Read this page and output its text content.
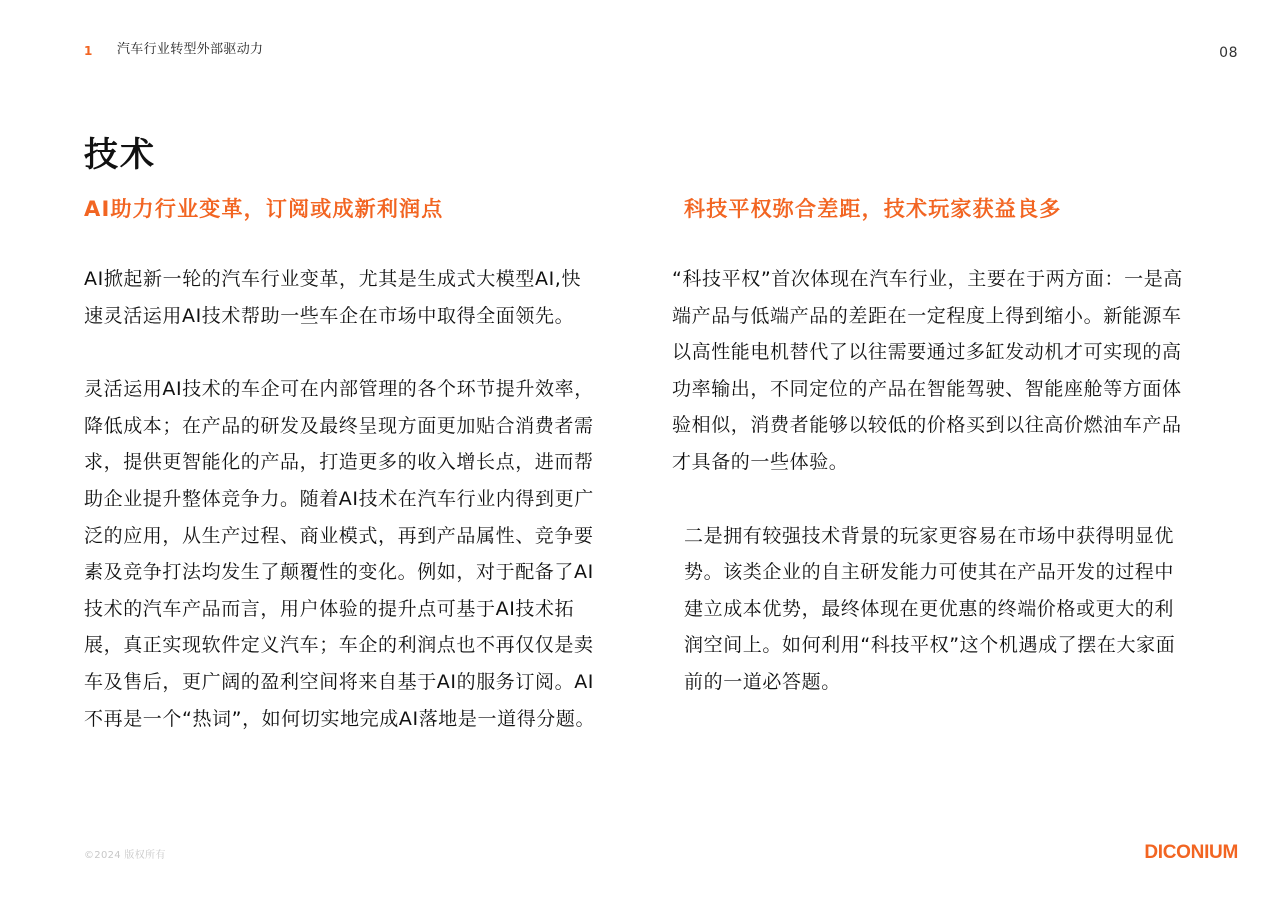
1 汽车行业转型外部驱动力	08
技术
AI助力行业变革，订阅或成新利润点

AI掀起新一轮的汽车行业变革，尤其是生成式大模型AI,快速灵活运用AI技术帮助一些车企在市场中取得全面领先。

灵活运用AI技术的车企可在内部管理的各个环节提升效率，降低成本；在产品的研发及最终呈现方面更加贴合消费者需求，提供更智能化的产品，打造更多的收入增长点，进而帮助企业提升整体竞争力。随着AI技术在汽车行业内得到更广泛的应用，从生产过程、商业模式，再到产品属性、竞争要素及竞争打法均发生了颠覆性的变化。例如，对于配备了AI技术的汽车产品而言，用户体验的提升点可基于AI技术拓展，真正实现软件定义汽车；车企的利润点也不再仅仅是卖车及售后，更广阔的盈利空间将来自基于AI的服务订阅。AI不再是一个“热词”，如何切实地完成AI落地是一道得分题。

科技平权弥合差距，技术玩家获益良多

“科技平权”首次体现在汽车行业，主要在于两方面：一是高端产品与低端产品的差距在一定程度上得到缩小。新能源车以高性能电机替代了以往需要通过多缸发动机才可实现的高功率输出，不同定位的产品在智能驾驶、智能座舱等方面体验相似，消费者能够以较低的价格买到以往高价燃油车产品才具备的一些体验。

二是拥有较强技术背景的玩家更容易在市场中获得明显优势。该类企业的自主研发能力可使其在产品开发的过程中建立成本优势，最终体现在更优惠的终端价格或更大的利润空间上。如何利用“科技平权”这个机遇成了摆在大家面前的一道必答题。

©2024 版权所有	DICONIUM
